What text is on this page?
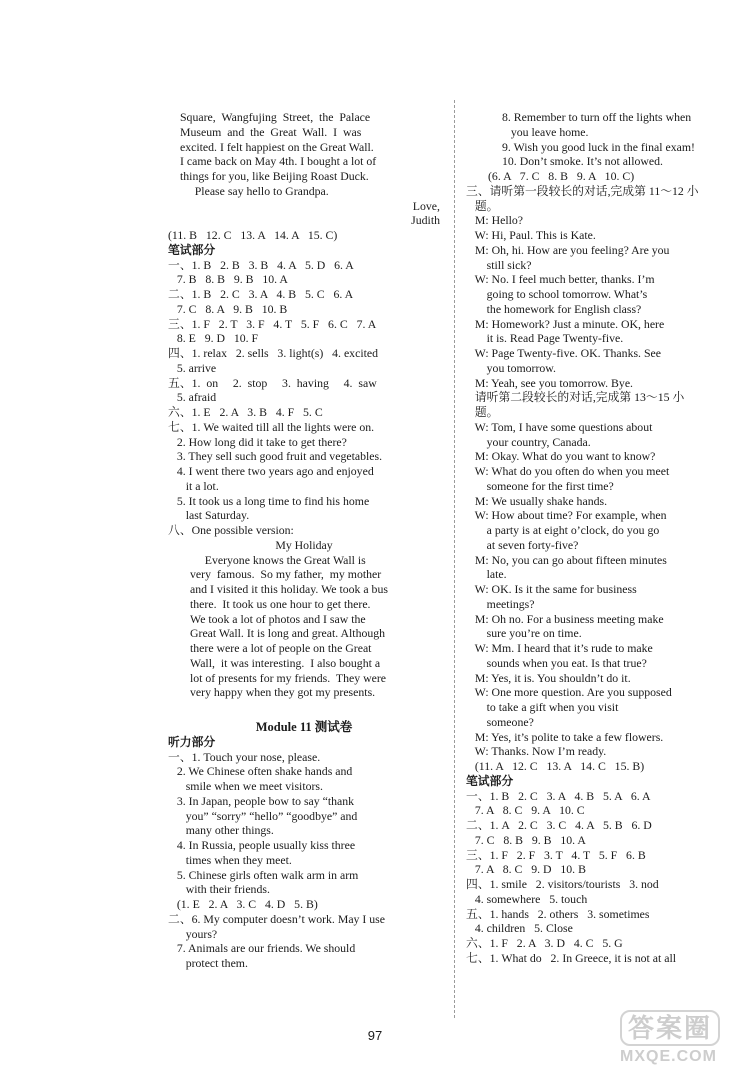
Square,  Wangfujing  Street,  the  Palace
Museum  and  the  Great  Wall.  I  was
excited. I felt happiest on the Great Wall.
I came back on May 4th. I bought a lot of
things for you, like Beijing Roast Duck.
Please say hello to Grandpa.
Love,
Judith
(11. B   12. C   13. A   14. A   15. C)
笔试部分
一、1. B   2. B   3. B   4. A   5. D   6. A
7. B   8. B   9. B   10. A
二、1. B   2. C   3. A   4. B   5. C   6. A
7. C   8. A   9. B   10. B
三、1. F   2. T   3. F   4. T   5. F   6. C   7. A
8. E   9. D   10. F
四、1. relax   2. sells   3. light(s)   4. excited
5. arrive
五、1.  on     2.  stop     3.  having     4.  saw
5. afraid
六、1. E   2. A   3. B   4. F   5. C
七、1. We waited till all the lights were on.
2. How long did it take to get there?
3. They sell such good fruit and vegetables.
4. I went there two years ago and enjoyed
it a lot.
5. It took us a long time to find his home
last Saturday.
八、One possible version:
My Holiday
Everyone knows the Great Wall is
very  famous.  So my father,  my mother
and I visited it this holiday. We took a bus
there.  It took us one hour to get there.
We took a lot of photos and I saw the
Great Wall. It is long and great. Although
there were a lot of people on the Great
Wall,  it was interesting.  I also bought a
lot of presents for my friends.  They were
very happy when they got my presents.
Module 11 测试卷
听力部分
一、1. Touch your nose, please.
2. We Chinese often shake hands and
smile when we meet visitors.
3. In Japan, people bow to say “thank
you” “sorry” “hello” “goodbye” and
many other things.
4. In Russia, people usually kiss three
times when they meet.
5. Chinese girls often walk arm in arm
with their friends.
(1. E   2. A   3. C   4. D   5. B)
二、6. My computer doesn’t work. May I use
yours?
7. Animals are our friends. We should
protect them.
8. Remember to turn off the lights when
you leave home.
9. Wish you good luck in the final exam!
10. Don’t smoke. It’s not allowed.
(6. A   7. C   8. B   9. A   10. C)
三、请听第一段较长的对话,完成第 11～12 小
题。
M: Hello?
W: Hi, Paul. This is Kate.
M: Oh, hi. How are you feeling? Are you
still sick?
W: No. I feel much better, thanks. I’m
going to school tomorrow. What’s
the homework for English class?
M: Homework? Just a minute. OK, here
it is. Read Page Twenty-five.
W: Page Twenty-five. OK. Thanks. See
you tomorrow.
M: Yeah, see you tomorrow. Bye.
请听第二段较长的对话,完成第 13～15 小
题。
W: Tom, I have some questions about
your country, Canada.
M: Okay. What do you want to know?
W: What do you often do when you meet
someone for the first time?
M: We usually shake hands.
W: How about time? For example, when
a party is at eight o’clock, do you go
at seven forty-five?
M: No, you can go about fifteen minutes
late.
W: OK. Is it the same for business
meetings?
M: Oh no. For a business meeting make
sure you’re on time.
W: Mm. I heard that it’s rude to make
sounds when you eat. Is that true?
M: Yes, it is. You shouldn’t do it.
W: One more question. Are you supposed
to take a gift when you visit
someone?
M: Yes, it’s polite to take a few flowers.
W: Thanks. Now I’m ready.
(11. A   12. C   13. A   14. C   15. B)
笔试部分
一、1. B   2. C   3. A   4. B   5. A   6. A
7. A   8. C   9. A   10. C
二、1. A   2. C   3. C   4. A   5. B   6. D
7. C   8. B   9. B   10. A
三、1. F   2. F   3. T   4. T   5. F   6. B
7. A   8. C   9. D   10. B
四、1. smile   2. visitors/tourists   3. nod
4. somewhere   5. touch
五、1. hands   2. others   3. sometimes
4. children   5. Close
六、1. F   2. A   3. D   4. C   5. G
七、1. What do   2. In Greece, it is not at all
97	答案圈
MXQE.COM
